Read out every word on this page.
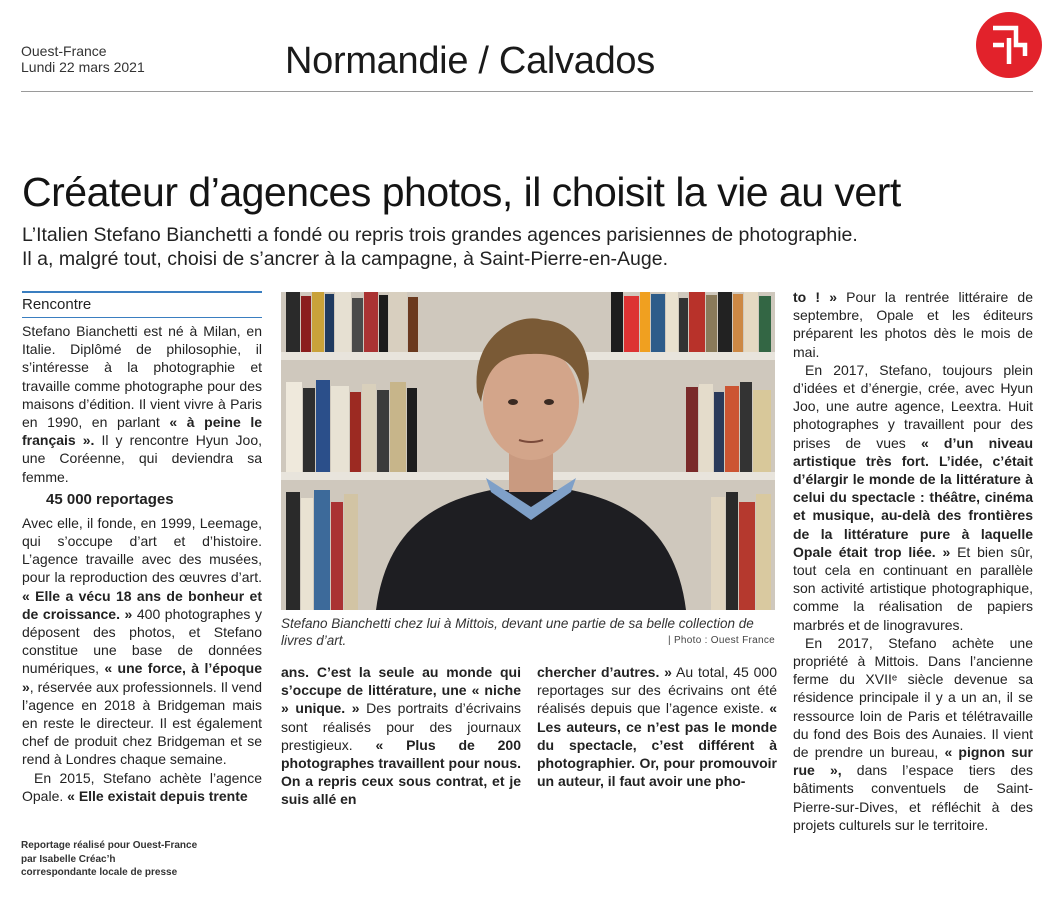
Ouest-France
Lundi 22 mars 2021	Normandie / Calvados
Créateur d’agences photos, il choisit la vie au vert
L’Italien Stefano Bianchetti a fondé ou repris trois grandes agences parisiennes de photographie.
Il a, malgré tout, choisi de s’ancrer à la campagne, à Saint-Pierre-en-Auge.
Rencontre

Stefano Bianchetti est né à Milan, en Italie. Diplômé de philosophie, il s’intéresse à la photographie et travaille comme photographe pour des maisons d’édition. Il vient vivre à Paris en 1990, en parlant « à peine le français ». Il y rencontre Hyun Joo, une Coréenne, qui deviendra sa femme.

45 000 reportages

Avec elle, il fonde, en 1999, Leemage, qui s’occupe d’art et d’histoire. L’agence travaille avec des musées, pour la reproduction des œuvres d’art. « Elle a vécu 18 ans de bonheur et de croissance. » 400 photographes y déposent des photos, et Stefano constitue une base de données numériques, « une force, à l’époque », réservée aux professionnels. Il vend l’agence en 2018 à Bridgeman mais en reste le directeur. Il est également chef de produit chez Bridgeman et se rend à Londres chaque semaine.

En 2015, Stefano achète l’agence Opale. « Elle existait depuis trente

Stefano Bianchetti chez lui à Mittois, devant une partie de sa belle collection de livres d’art.	| Photo : Ouest France

ans. C’est la seule au monde qui s’occupe de littérature, une « niche » unique. » Des portraits d’écrivains sont réalisés pour des journaux prestigieux. « Plus de 200 photographes travaillent pour nous. On a repris ceux sous contrat, et je suis allé en

chercher d’autres. » Au total, 45 000 reportages sur des écrivains ont été réalisés depuis que l’agence existe. « Les auteurs, ce n’est pas le monde du spectacle, c’est différent à photographier. Or, pour promouvoir un auteur, il faut avoir une pho-

to ! » Pour la rentrée littéraire de septembre, Opale et les éditeurs préparent les photos dès le mois de mai.

En 2017, Stefano, toujours plein d’idées et d’énergie, crée, avec Hyun Joo, une autre agence, Leextra. Huit photographes y travaillent pour des prises de vues « d’un niveau artistique très fort. L’idée, c’était d’élargir le monde de la littérature à celui du spectacle : théâtre, cinéma et musique, au-delà des frontières de la littérature pure à laquelle Opale était trop liée. » Et bien sûr, tout cela en continuant en parallèle son activité artistique photographique, comme la réalisation de papiers marbrés et de linogravures.

En 2017, Stefano achète une propriété à Mittois. Dans l’ancienne ferme du XVIIᵉ siècle devenue sa résidence principale il y a un an, il se ressource loin de Paris et télétravaille du fond des Bois des Aunaies. Il vient de prendre un bureau, « pignon sur rue », dans l’espace tiers des bâtiments conventuels de Saint-Pierre-sur-Dives, et réfléchit à des projets culturels sur le territoire.

Reportage réalisé pour Ouest-France
par Isabelle Créac’h
correspondante locale de presse
